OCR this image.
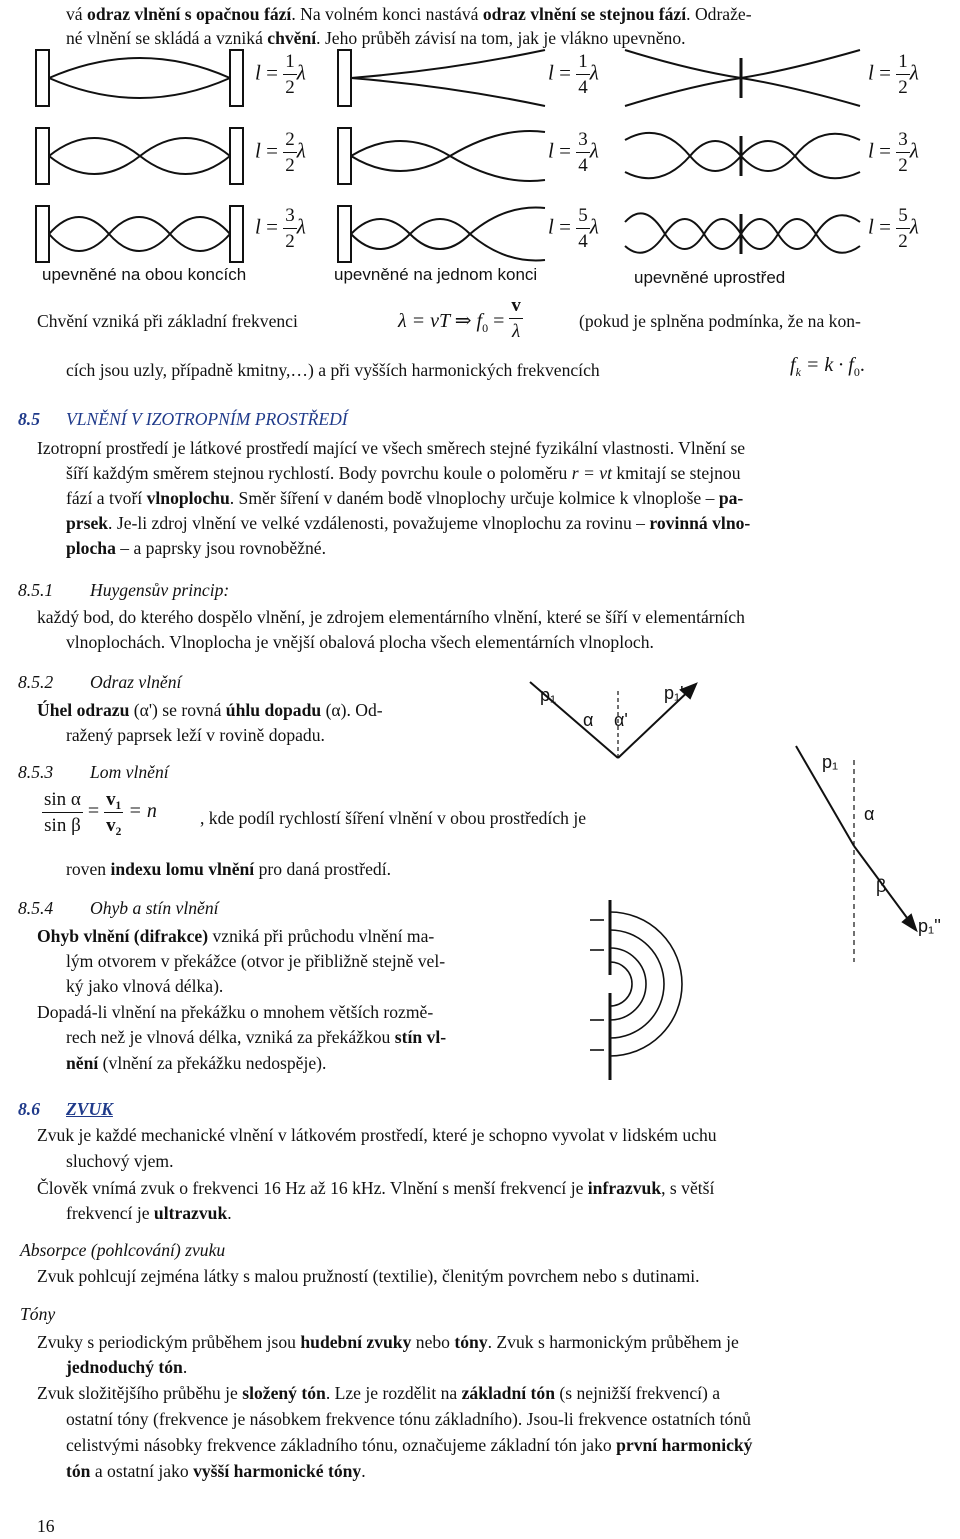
vá odraz vlnění s opačnou fází. Na volném konci nastává odraz vlnění se stejnou fází. Odraže-
né vlnění se skládá a vzniká chvění. Jeho průběh závisí na tom, jak je vlákno upevněno.
$l = \frac{1}{2}$ λ
$l = \frac{2}{2}$ λ
$l = \frac{3}{2}$ λ
$l = \frac{1}{4}$ λ
$l = \frac{3}{4}$ λ
$l = \frac{5}{4}$ λ
$l = \frac{1}{2}$ λ
$l = \frac{3}{2}$ λ
$l = \frac{5}{2}$ λ
upevněné na obou koncích	upevněné na jednom konci	upevněné uprostřed
Chvění vzniká při základní frekvenci	λ = vT ⇒ $f_0 = \frac{v}{\lambda}$	(pokud je splněna podmínka, že na kon-
cích jsou uzly, případně kmitny,…) a při vyšších harmonických frekvencích	$f_k = k \cdot f_0$.
8.5 VLNĚNÍ V IZOTROPNÍM PROSTŘEDÍ
Izotropní prostředí je látkové prostředí mající ve všech směrech stejné fyzikální vlastnosti. Vlnění se
šíří každým směrem stejnou rychlostí. Body povrchu koule o poloměru r = vt kmitají se stejnou
fází a tvoří vlnoplochu. Směr šíření v daném bodě vlnoplochy určuje kolmice k vlnoploše – pa-
prsek. Je-li zdroj vlnění ve velké vzdálenosti, považujeme vlnoplochu za rovinu – rovinná vlno-
plocha – a paprsky jsou rovnoběžné.
8.5.1 Huygensův princip:
každý bod, do kterého dospělo vlnění, je zdrojem elementárního vlnění, které se šíří v elementárních
vlnoplochách. Vlnoplocha je vnější obalová plocha všech elementárních vlnoploch.
8.5.2 Odraz vlnění
Úhel odrazu (α') se rovná úhlu dopadu (α). Od-
ražený paprsek leží v rovině dopadu.
p₁	p₁'
α α'
8.5.3 Lom vlnění
$\frac{\text{sin α}}{\text{sin β}} = \frac{\text{v₁}}{\text{v₂}} = n$ , kde podíl rychlostí šíření vlnění v obou prostředích je
roven indexu lomu vlnění pro daná prostředí.
p₁
α
β
p₁''
8.5.4 Ohyb a stín vlnění
Ohyb vlnění (difrakce) vzniká při průchodu vlnění ma-
lým otvorem v překážce (otvor je přibližně stejně vel-
ký jako vlnová délka).
Dopadá-li vlnění na překážku o mnohem větších rozmě-
rech než je vlnová délka, vzniká za překážkou stín vl-
nění (vlnění za překážku nedospěje).
8.6 ZVUK
Zvuk je každé mechanické vlnění v látkovém prostředí, které je schopno vyvolat v lidském uchu
sluchový vjem.
Člověk vnímá zvuk o frekvenci 16 Hz až 16 kHz. Vlnění s menší frekvencí je infrazvuk, s větší
frekvencí je ultrazvuk.
Absorpce (pohlcování) zvuku
Zvuk pohlcují zejména látky s malou pružností (textilie), členitým povrchem nebo s dutinami.
Tóny
Zvuky s periodickým průběhem jsou hudební zvuky nebo tóny. Zvuk s harmonickým průběhem je
jednoduchý tón.
Zvuk složitějšího průběhu je složený tón. Lze je rozdělit na základní tón (s nejnižší frekvencí) a
ostatní tóny (frekvence je násobkem frekvence tónu základního). Jsou-li frekvence ostatních tónů
celistvými násobky frekvence základního tónu, označujeme základní tón jako první harmonický
tón a ostatní jako vyšší harmonické tóny.
16
